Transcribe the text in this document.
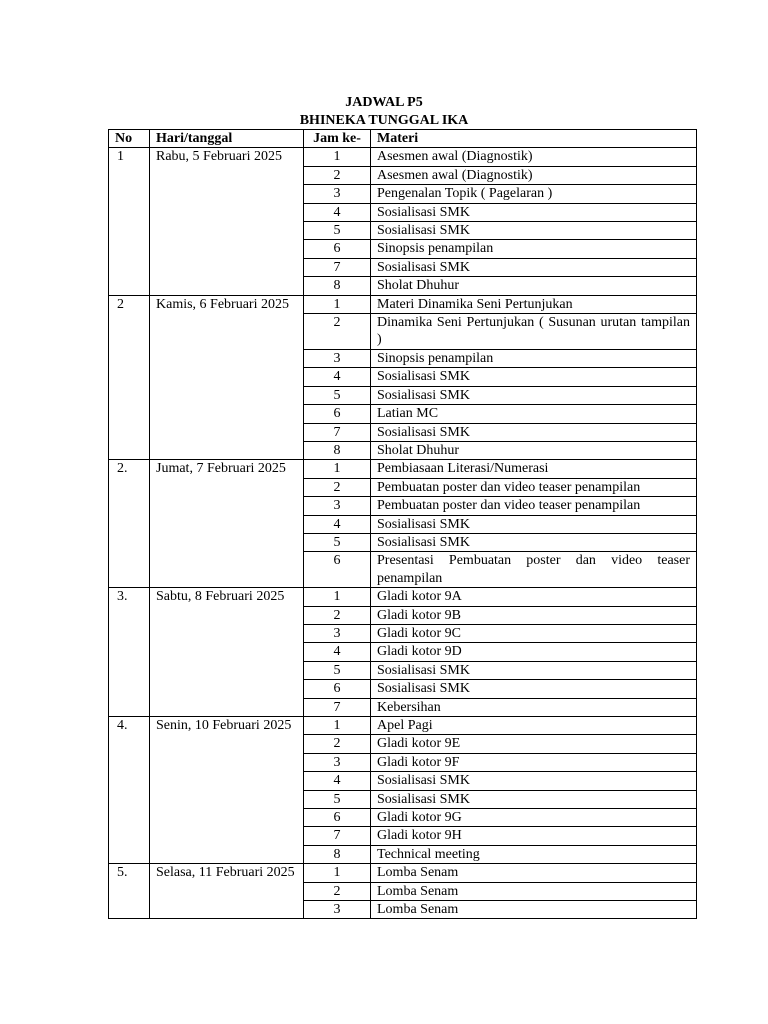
JADWAL P5
BHINEKA TUNGGAL IKA
No	Hari/tanggal	Jam ke-	Materi
1	Rabu, 5 Februari 2025	1	Asesmen awal (Diagnostik)
		2	Asesmen awal (Diagnostik)
		3	Pengenalan Topik ( Pagelaran )
		4	Sosialisasi SMK
		5	Sosialisasi SMK
		6	Sinopsis penampilan
		7	Sosialisasi SMK
		8	Sholat Dhuhur
2	Kamis, 6 Februari 2025	1	Materi Dinamika Seni Pertunjukan
		2	Dinamika Seni Pertunjukan ( Susunan urutan tampilan )
		3	Sinopsis penampilan
		4	Sosialisasi SMK
		5	Sosialisasi SMK
		6	Latian MC
		7	Sosialisasi SMK
		8	Sholat Dhuhur
2.	Jumat, 7 Februari 2025	1	Pembiasaan Literasi/Numerasi
		2	Pembuatan poster dan video teaser penampilan
		3	Pembuatan poster dan video teaser penampilan
		4	Sosialisasi SMK
		5	Sosialisasi SMK
		6	Presentasi Pembuatan poster dan video teaser penampilan
3.	Sabtu, 8 Februari 2025	1	Gladi kotor 9A
		2	Gladi kotor 9B
		3	Gladi kotor 9C
		4	Gladi kotor 9D
		5	Sosialisasi SMK
		6	Sosialisasi SMK
		7	Kebersihan
4.	Senin, 10 Februari 2025	1	Apel Pagi
		2	Gladi kotor 9E
		3	Gladi kotor 9F
		4	Sosialisasi SMK
		5	Sosialisasi SMK
		6	Gladi kotor 9G
		7	Gladi kotor 9H
		8	Technical meeting
5.	Selasa, 11 Februari 2025	1	Lomba Senam
		2	Lomba Senam
		3	Lomba Senam
